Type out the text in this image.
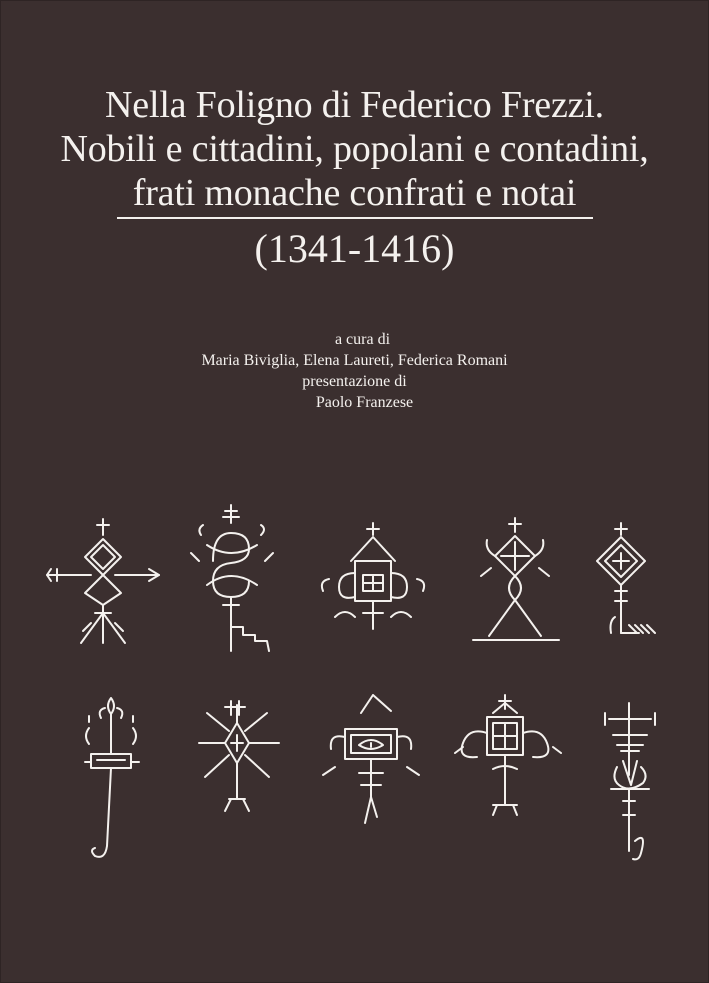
Nella Foligno di Federico Frezzi.
Nobili e cittadini, popolani e contadini,
frati monache confrati e notai
(1341-1416)
a cura di
Maria Biviglia, Elena Laureti, Federica Romani
presentazione di
Paolo Franzese
